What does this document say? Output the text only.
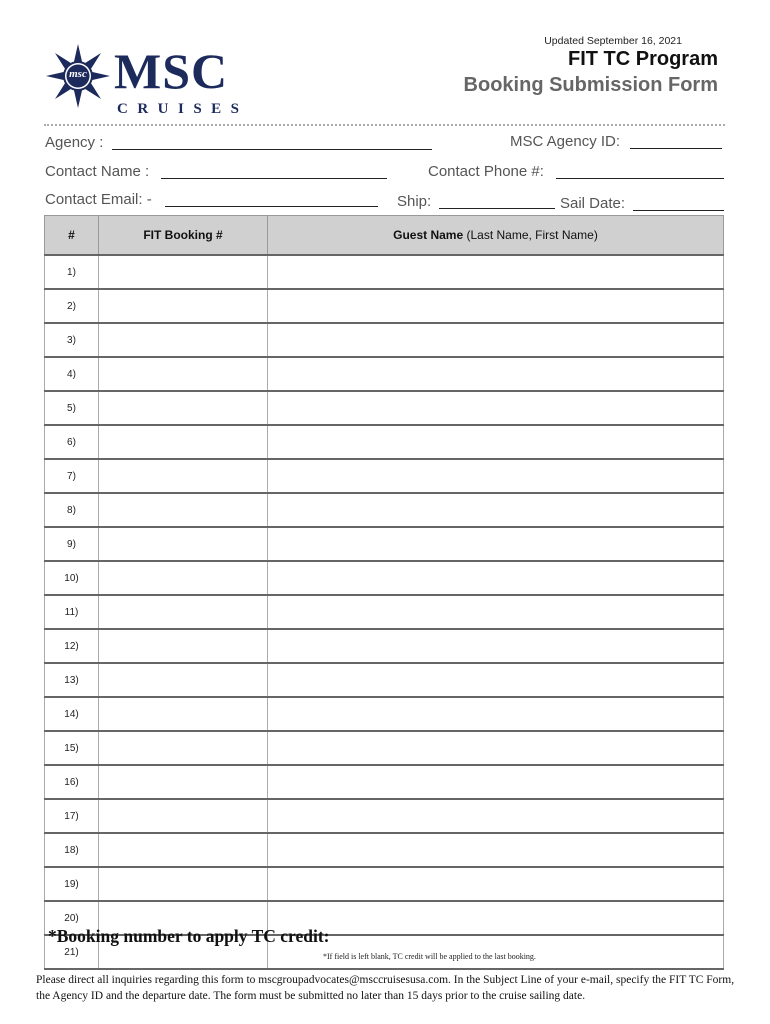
msc MSC
CRUISES
Updated September 16, 2021
FIT TC Program
Booking Submission Form
Agency :	MSC Agency ID:
Contact Name :	Contact Phone #:
Contact Email: -	Ship:	Sail Date:
#	FIT Booking #	Guest Name (Last Name, First Name)
1)		
2)		
3)		
4)		
5)		
6)		
7)		
8)		
9)		
10)		
11)		
12)		
13)		
14)		
15)		
16)		
17)		
18)		
19)		
20)		
21)		
*Booking number to apply TC credit:
*If field is left blank, TC credit will be applied to the last booking.
Please direct all inquiries regarding this form to mscgroupadvocates@msccruisesusa.com. In the Subject Line of your e-mail, specify the FIT TC Form, the Agency ID and the departure date. The form must be submitted no later than 15 days prior to the cruise sailing date.
